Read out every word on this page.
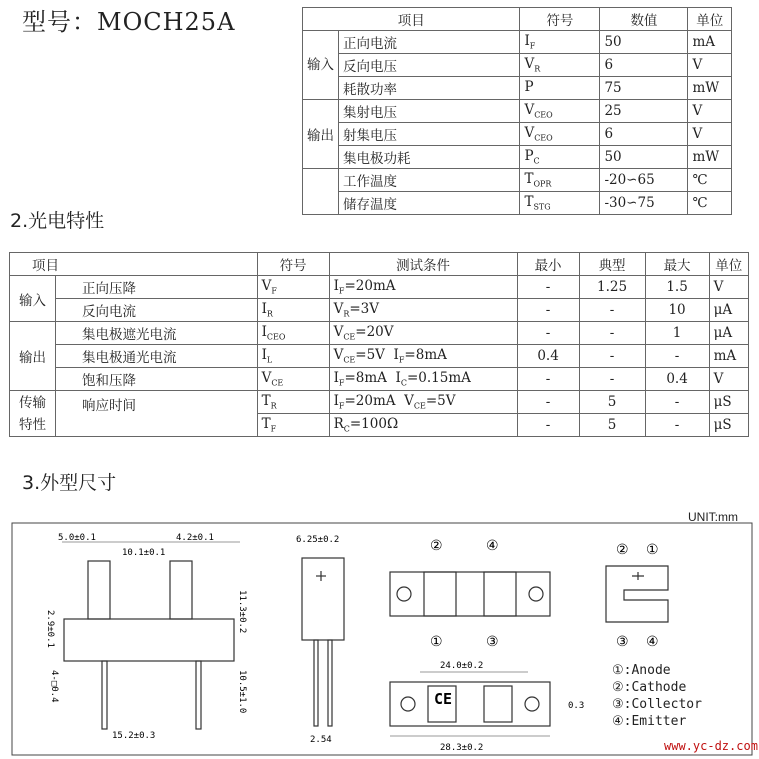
型号：MOCH25A	项目		符号	数值	单位
输入	正向电流	$I_F$	50	mA
	反向电压	$V_R$	6	V
	耗散功率	P	75	mW
输出	集射电压	$V_{CEO}$	25	V
	射集电压	$V_{CEO}$	6	V
	集电极功耗	$P_C$	50	mW
	工作温度	$T_{OPR}$	-20∽65	℃
	储存温度	$T_{STG}$	-30∽75	℃
2.光电特性
项目		符号	测试条件	最小	典型	最大	单位
输入	正向压降	$V_F$	$I_F=20mA$	-	1.25	1.5	V
	反向电流	$I_R$	$V_R=3V$	-	-	10	μA
输出	集电极遮光电流	$I_{CEO}$	$V_{CE}=20V$	-	-	1	μA
	集电极通光电流	$I_L$	$V_{CE}=5V$  $I_F=8mA$	0.4	-	-	mA
	饱和压降	$V_{CE}$	$I_F=8mA$  $I_C=0.15mA$	-	-	0.4	V
传输特性	响应时间	$T_R$	$I_F=20mA$  $V_{CE}=5V$	-	5	-	μS
		$T_F$	$R_C=100\Omega$	-	5	-	μS
3.外型尺寸
UNIT:mm
5.0±0.1	4.2±0.1
10.1±0.1
11.3±0.2
2.9±0.1
4-□0.4	10.5±1.0
15.2±0.3
6.25±0.2
2.54
②	④
①	③
CE
24.0±0.2
28.3±0.2
0.3
② ①
③ ④
①:Anode
②:Cathode
③:Collector
④:Emitter
www.yc-dz.com
